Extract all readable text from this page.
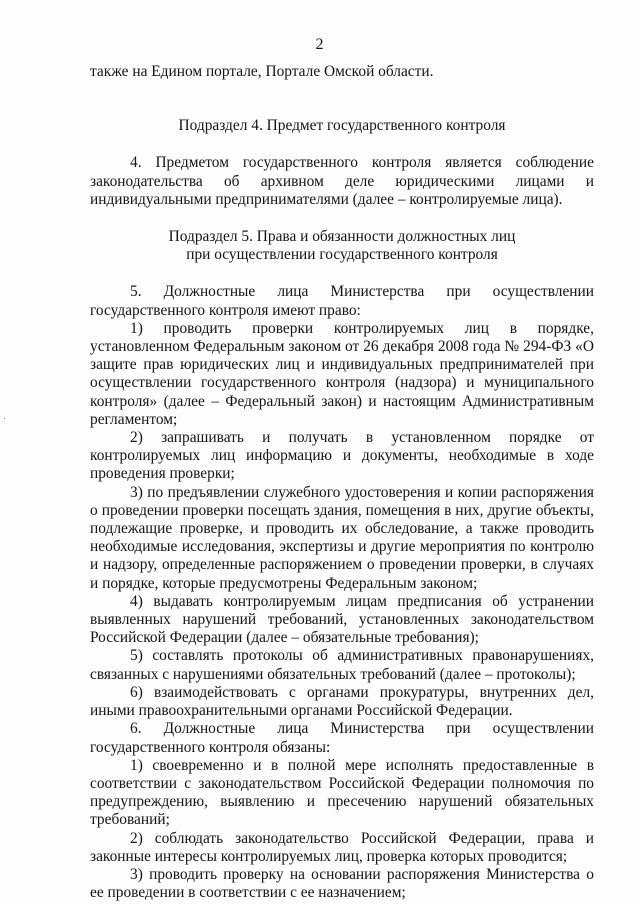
2

также на Едином портале, Портале Омской области.

Подраздел 4. Предмет государственного контроля

4. Предметом государственного контроля является соблюдение законодательства об архивном деле юридическими лицами и индивидуальными предпринимателями (далее – контролируемые лица).

Подраздел 5. Права и обязанности должностных лиц

при осуществлении государственного контроля

5. Должностные лица Министерства при осуществлении государственного контроля имеют право:

1) проводить проверки контролируемых лиц в порядке, установленном Федеральным законом от 26 декабря 2008 года № 294-ФЗ «О защите прав юридических лиц и индивидуальных предпринимателей при осуществлении государственного контроля (надзора) и муниципального контроля» (далее – Федеральный закон) и настоящим Административным регламентом;

2) запрашивать и получать в установленном порядке от контролируемых лиц информацию и документы, необходимые в ходе проведения проверки;

3) по предъявлении служебного удостоверения и копии распоряжения о проведении проверки посещать здания, помещения в них, другие объекты, подлежащие проверке, и проводить их обследование, а также проводить необходимые исследования, экспертизы и другие мероприятия по контролю и надзору, определенные распоряжением о проведении проверки, в случаях и порядке, которые предусмотрены Федеральным законом;

4) выдавать контролируемым лицам предписания об устранении выявленных нарушений требований, установленных законодательством Российской Федерации (далее – обязательные требования);

5) составлять протоколы об административных правонарушениях, связанных с нарушениями обязательных требований (далее – протоколы);

6) взаимодействовать с органами прокуратуры, внутренних дел, иными правоохранительными органами Российской Федерации.

6. Должностные лица Министерства при осуществлении государственного контроля обязаны:

1) своевременно и в полной мере исполнять предоставленные в соответствии с законодательством Российской Федерации полномочия по предупреждению, выявлению и пресечению нарушений обязательных требований;

2) соблюдать законодательство Российской Федерации, права и законные интересы контролируемых лиц, проверка которых проводится;

3) проводить проверку на основании распоряжения Министерства о ее проведении в соответствии с ее назначением;
